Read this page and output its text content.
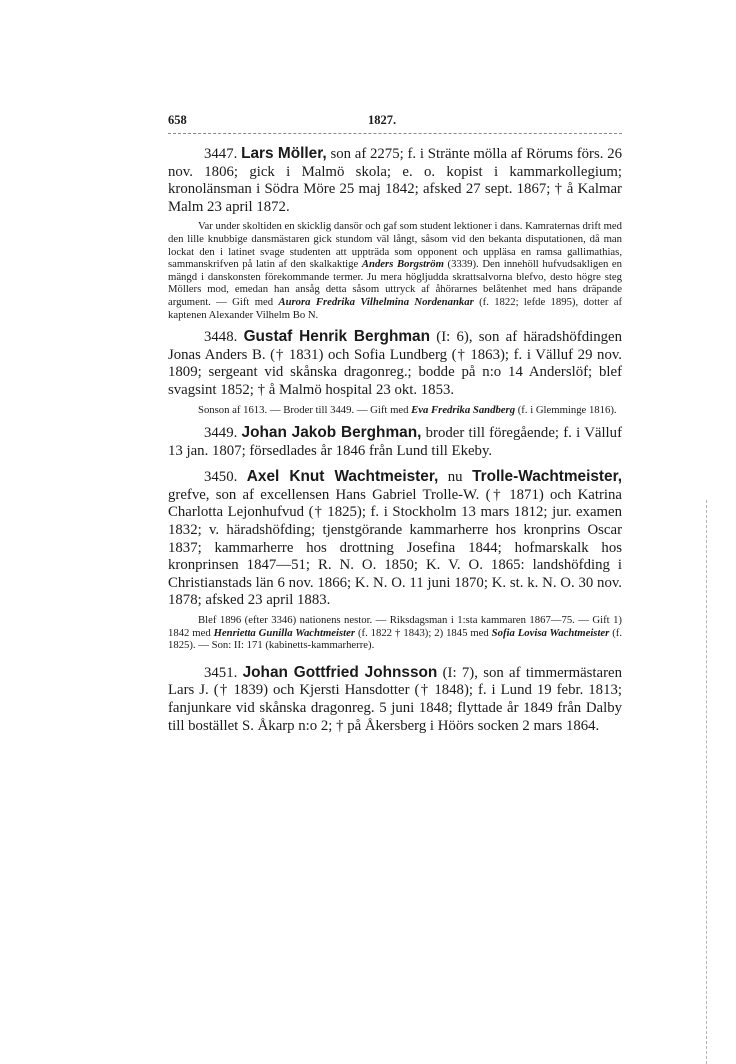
658	1827.

3447. Lars Möller, son af 2275; f. i Stränte mölla af Rörums förs. 26 nov. 1806; gick i Malmö skola; e. o. kopist i kammarkollegium; kronolänsman i Södra Möre 25 maj 1842; afsked 27 sept. 1867; † å Kalmar Malm 23 april 1872.

Var under skoltiden en skicklig dansör och gaf som student lektioner i dans. Kamraternas drift med den lille knubbige dansmästaren gick stundom väl långt, såsom vid den bekanta disputationen, då man lockat den i latinet svage studenten att uppträda som opponent och uppläsa en ramsa gallimathias, sammanskrifven på latin af den skalkaktige Anders Borgström (3339). Den innehöll hufvudsakligen en mängd i danskonsten förekommande termer. Ju mera högljudda skrattsalvorna blefvo, desto högre steg Möllers mod, emedan han ansåg detta såsom uttryck af åhörarnes belåtenhet med hans dräpande argument. — Gift med Aurora Fredrika Vilhelmina Nordenankar (f. 1822; lefde 1895), dotter af kaptenen Alexander Vilhelm Bo N.

3448. Gustaf Henrik Berghman (I: 6), son af häradshöfdingen Jonas Anders B. († 1831) och Sofia Lundberg († 1863); f. i Välluf 29 nov. 1809; sergeant vid skånska dragonreg.; bodde på n:o 14 Anderslöf; blef svagsint 1852; † å Malmö hospital 23 okt. 1853.

Sonson af 1613. — Broder till 3449. — Gift med Eva Fredrika Sandberg (f. i Glemminge 1816).

3449. Johan Jakob Berghman, broder till föregående; f. i Välluf 13 jan. 1807; försedlades år 1846 från Lund till Ekeby.

3450. Axel Knut Wachtmeister, nu Trolle-Wachtmeister, grefve, son af excellensen Hans Gabriel Trolle-W. († 1871) och Katrina Charlotta Lejonhufvud († 1825); f. i Stockholm 13 mars 1812; jur. examen 1832; v. häradshöfding; tjenstgörande kammarherre hos kronprins Oscar 1837; kammarherre hos drottning Josefina 1844; hofmarskalk hos kronprinsen 1847—51; R. N. O. 1850; K. V. O. 1865: landshöfding i Christianstads län 6 nov. 1866; K. N. O. 11 juni 1870; K. st. k. N. O. 30 nov. 1878; afsked 23 april 1883.

Blef 1896 (efter 3346) nationens nestor. — Riksdagsman i 1:sta kammaren 1867—75. — Gift 1) 1842 med Henrietta Gunilla Wachtmeister (f. 1822 † 1843); 2) 1845 med Sofia Lovisa Wachtmeister (f. 1825). — Son: II: 171 (kabinetts-kammarherre).

3451. Johan Gottfried Johnsson (I: 7), son af timmermästaren Lars J. († 1839) och Kjersti Hansdotter († 1848); f. i Lund 19 febr. 1813; fanjunkare vid skånska dragonreg. 5 juni 1848; flyttade år 1849 från Dalby till bostället S. Åkarp n:o 2; † på Åkersberg i Höörs socken 2 mars 1864.
